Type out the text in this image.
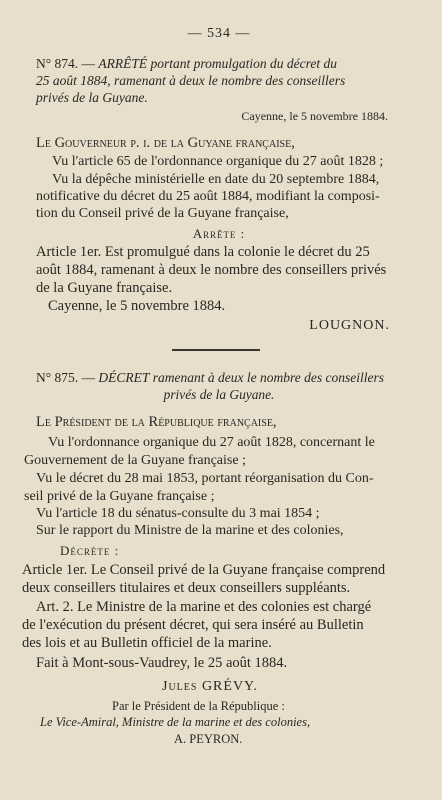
— 534 —
N° 874. — ARRÊTÉ portant promulgation du décret du
25 août 1884, ramenant à deux le nombre des conseillers
privés de la Guyane.
Cayenne, le 5 novembre 1884.
Le Gouverneur p. i. de la Guyane française,
Vu l'article 65 de l'ordonnance organique du 27 août 1828 ;
Vu la dépêche ministérielle en date du 20 septembre 1884,
notificative du décret du 25 août 1884, modifiant la composi-
tion du Conseil privé de la Guyane française,
Arrête :
Article 1er. Est promulgué dans la colonie le décret du 25
août 1884, ramenant à deux le nombre des conseillers privés
de la Guyane française.
Cayenne, le 5 novembre 1884.
LOUGNON.
N° 875. — DÉCRET ramenant à deux le nombre des conseillers
privés de la Guyane.
Le Président de la République française,
Vu l'ordonnance organique du 27 août 1828, concernant le
Gouvernement de la Guyane française ;
Vu le décret du 28 mai 1853, portant réorganisation du Con-
seil privé de la Guyane française ;
Vu l'article 18 du sénatus-consulte du 3 mai 1854 ;
Sur le rapport du Ministre de la marine et des colonies,
Décrète :
Article 1er. Le Conseil privé de la Guyane française comprend
deux conseillers titulaires et deux conseillers suppléants.
Art. 2. Le Ministre de la marine et des colonies est chargé
de l'exécution du présent décret, qui sera inséré au Bulletin
des lois et au Bulletin officiel de la marine.
Fait à Mont-sous-Vaudrey, le 25 août 1884.
Jules GRÉVY.
Par le Président de la République :
Le Vice-Amiral, Ministre de la marine et des colonies,
A. PEYRON.
